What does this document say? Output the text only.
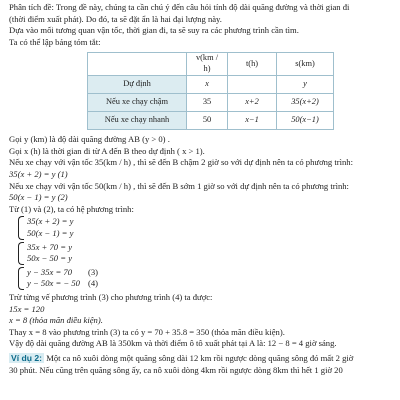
Phân tích đề: Trong đề này, chúng ta cần chú ý đến câu hỏi tính độ dài quãng đường và thời gian đi
(thời điểm xuất phát). Do đó, ta sẽ đặt ẩn là hai đại lượng này.
Dựa vào mối tương quan vận tốc, thời gian đi, ta sẽ suy ra các phương trình cần tìm.
Ta có thể lập bảng tóm tắt:
	v(km / h)	t(h)	s(km)
Dự định	x		y
Nếu xe chạy chậm	35	x+2	35(x+2)
Nếu xe chạy nhanh	50	x−1	50(x−1)
Gọi y (km) là độ dài quãng đường AB (y > 0) .
Gọi x (h) là thời gian đi từ A đến B theo dự định ( x > 1).
Nếu xe chạy với vận tốc 35(km / h) , thì sẽ đến B chậm 2 giờ so với dự định nên ta có phương trình:
35(x + 2) = y (1)
Nếu xe chạy với vận tốc 50(km / h) , thì sẽ đến B sớm 1 giờ so với dự định nên ta có phương trình:
50(x − 1) = y (2)
Từ (1) và (2), ta có hệ phương trình:
35(x + 2) = y
50(x − 1) = y
35x + 70 = y
50x − 50 = y
y − 35x = 70
y − 50x = − 50
(3)
(4)
Trừ từng vế phương trình (3) cho phương trình (4) ta được:
15x = 120
x = 8 (thỏa mãn điều kiện).
Thay x = 8 vào phương trình (3) ta có y = 70 + 35.8 = 350 (thỏa mãn điều kiện).
Vậy độ dài quãng đường AB là 350km và thời điểm ô tô xuất phát tại A là: 12 − 8 = 4 giờ sáng.
Ví dụ 2: Một ca nô xuôi dòng một quãng sông dài 12 km rồi ngược dòng quãng sông đó mất 2 giờ
30 phút. Nếu cũng trên quãng sông ấy, ca nô xuôi dòng 4km rồi ngược dòng 8km thì hết 1 giờ 20
